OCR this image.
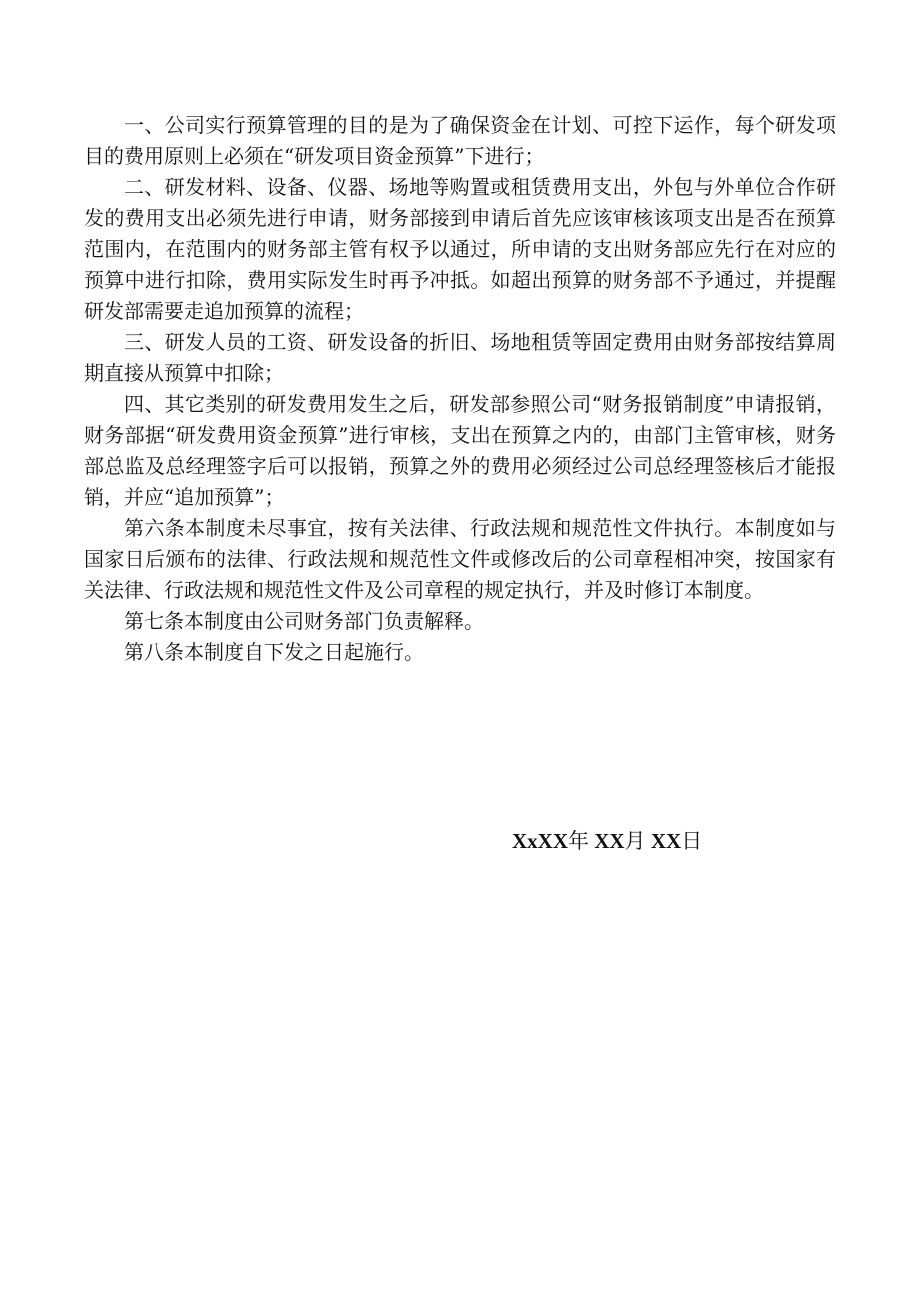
一、公司实行预算管理的目的是为了确保资金在计划、可控下运作，每个研发项目的费用原则上必须在“研发项目资金预算”下进行；

二、研发材料、设备、仪器、场地等购置或租赁费用支出，外包与外单位合作研发的费用支出必须先进行申请，财务部接到申请后首先应该审核该项支出是否在预算范围内，在范围内的财务部主管有权予以通过，所申请的支出财务部应先行在对应的预算中进行扣除，费用实际发生时再予冲抵。如超出预算的财务部不予通过，并提醒研发部需要走追加预算的流程；

三、研发人员的工资、研发设备的折旧、场地租赁等固定费用由财务部按结算周期直接从预算中扣除；

四、其它类别的研发费用发生之后，研发部参照公司“财务报销制度”申请报销，财务部据“研发费用资金预算”进行审核，支出在预算之内的，由部门主管审核，财务部总监及总经理签字后可以报销，预算之外的费用必须经过公司总经理签核后才能报销，并应“追加预算”；

第六条本制度未尽事宜，按有关法律、行政法规和规范性文件执行。本制度如与国家日后颁布的法律、行政法规和规范性文件或修改后的公司章程相冲突，按国家有关法律、行政法规和规范性文件及公司章程的规定执行，并及时修订本制度。

第七条本制度由公司财务部门负责解释。

第八条本制度自下发之日起施行。

XxXX年 XX月 XX日
